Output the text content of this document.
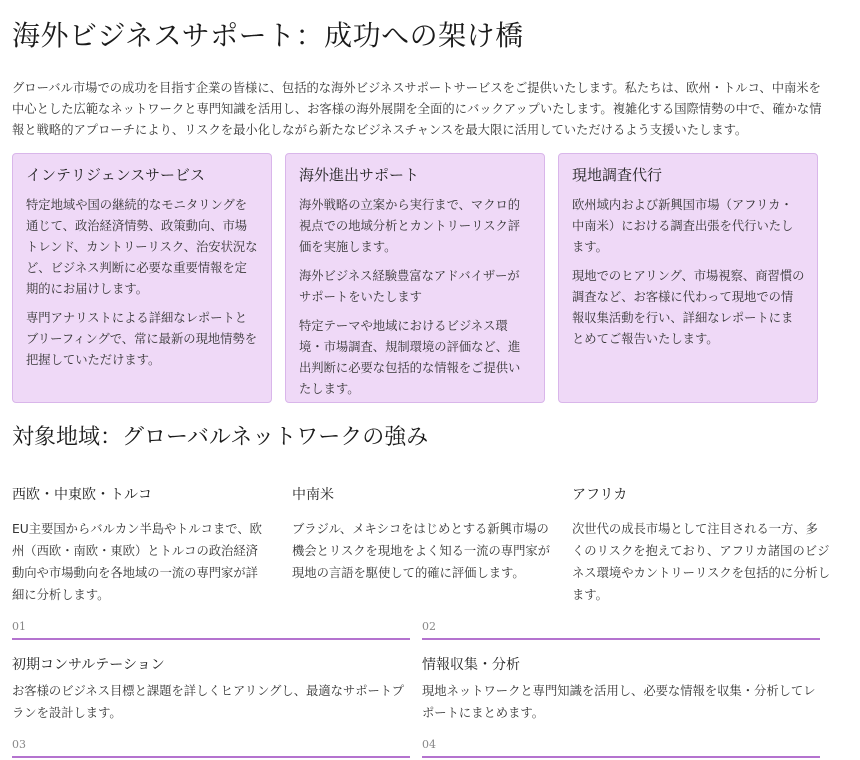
海外ビジネスサポート：成功への架け橋

グローバル市場での成功を目指す企業の皆様に、包括的な海外ビジネスサポートサービスをご提供いたします。私たちは、欧州・トルコ、中南米を中心とした広範なネットワークと専門知識を活用し、お客様の海外展開を全面的にバックアップいたします。複雑化する国際情勢の中で、確かな情報と戦略的アプローチにより、リスクを最小化しながら新たなビジネスチャンスを最大限に活用していただけるよう支援いたします。

インテリジェンスサービス

特定地域や国の継続的なモニタリングを通じて、政治経済情勢、政策動向、市場トレンド、カントリーリスク、治安状況など、ビジネス判断に必要な重要情報を定期的にお届けします。

専門アナリストによる詳細なレポートとブリーフィングで、常に最新の現地情勢を把握していただけます。

海外進出サポート

海外戦略の立案から実行まで、マクロ的視点での地域分析とカントリーリスク評価を実施します。

海外ビジネス経験豊富なアドバイザーがサポートをいたします

特定テーマや地域におけるビジネス環境・市場調査、規制環境の評価など、進出判断に必要な包括的な情報をご提供いたします。

現地調査代行

欧州域内および新興国市場（アフリカ・中南米）における調査出張を代行いたします。

現地でのヒアリング、市場視察、商習慣の調査など、お客様に代わって現地での情報収集活動を行い、詳細なレポートにまとめてご報告いたします。

対象地域：グローバルネットワークの強み
西欧・中東欧・トルコ

EU主要国からバルカン半島やトルコまで、欧州（西欧・南欧・東欧）とトルコの政治経済動向や市場動向を各地域の一流の専門家が詳細に分析します。

中南米

ブラジル、メキシコをはじめとする新興市場の機会とリスクを現地をよく知る一流の専門家が現地の言語を駆使して的確に評価します。

アフリカ

次世代の成長市場として注目される一方、多くのリスクを抱えており、アフリカ諸国のビジネス環境やカントリーリスクを包括的に分析します。

01
初期コンサルテーション

お客様のビジネス目標と課題を詳しくヒアリングし、最適なサポートプランを設計します。

02
情報収集・分析

現地ネットワークと専門知識を活用し、必要な情報を収集・分析してレポートにまとめます。

03	04
